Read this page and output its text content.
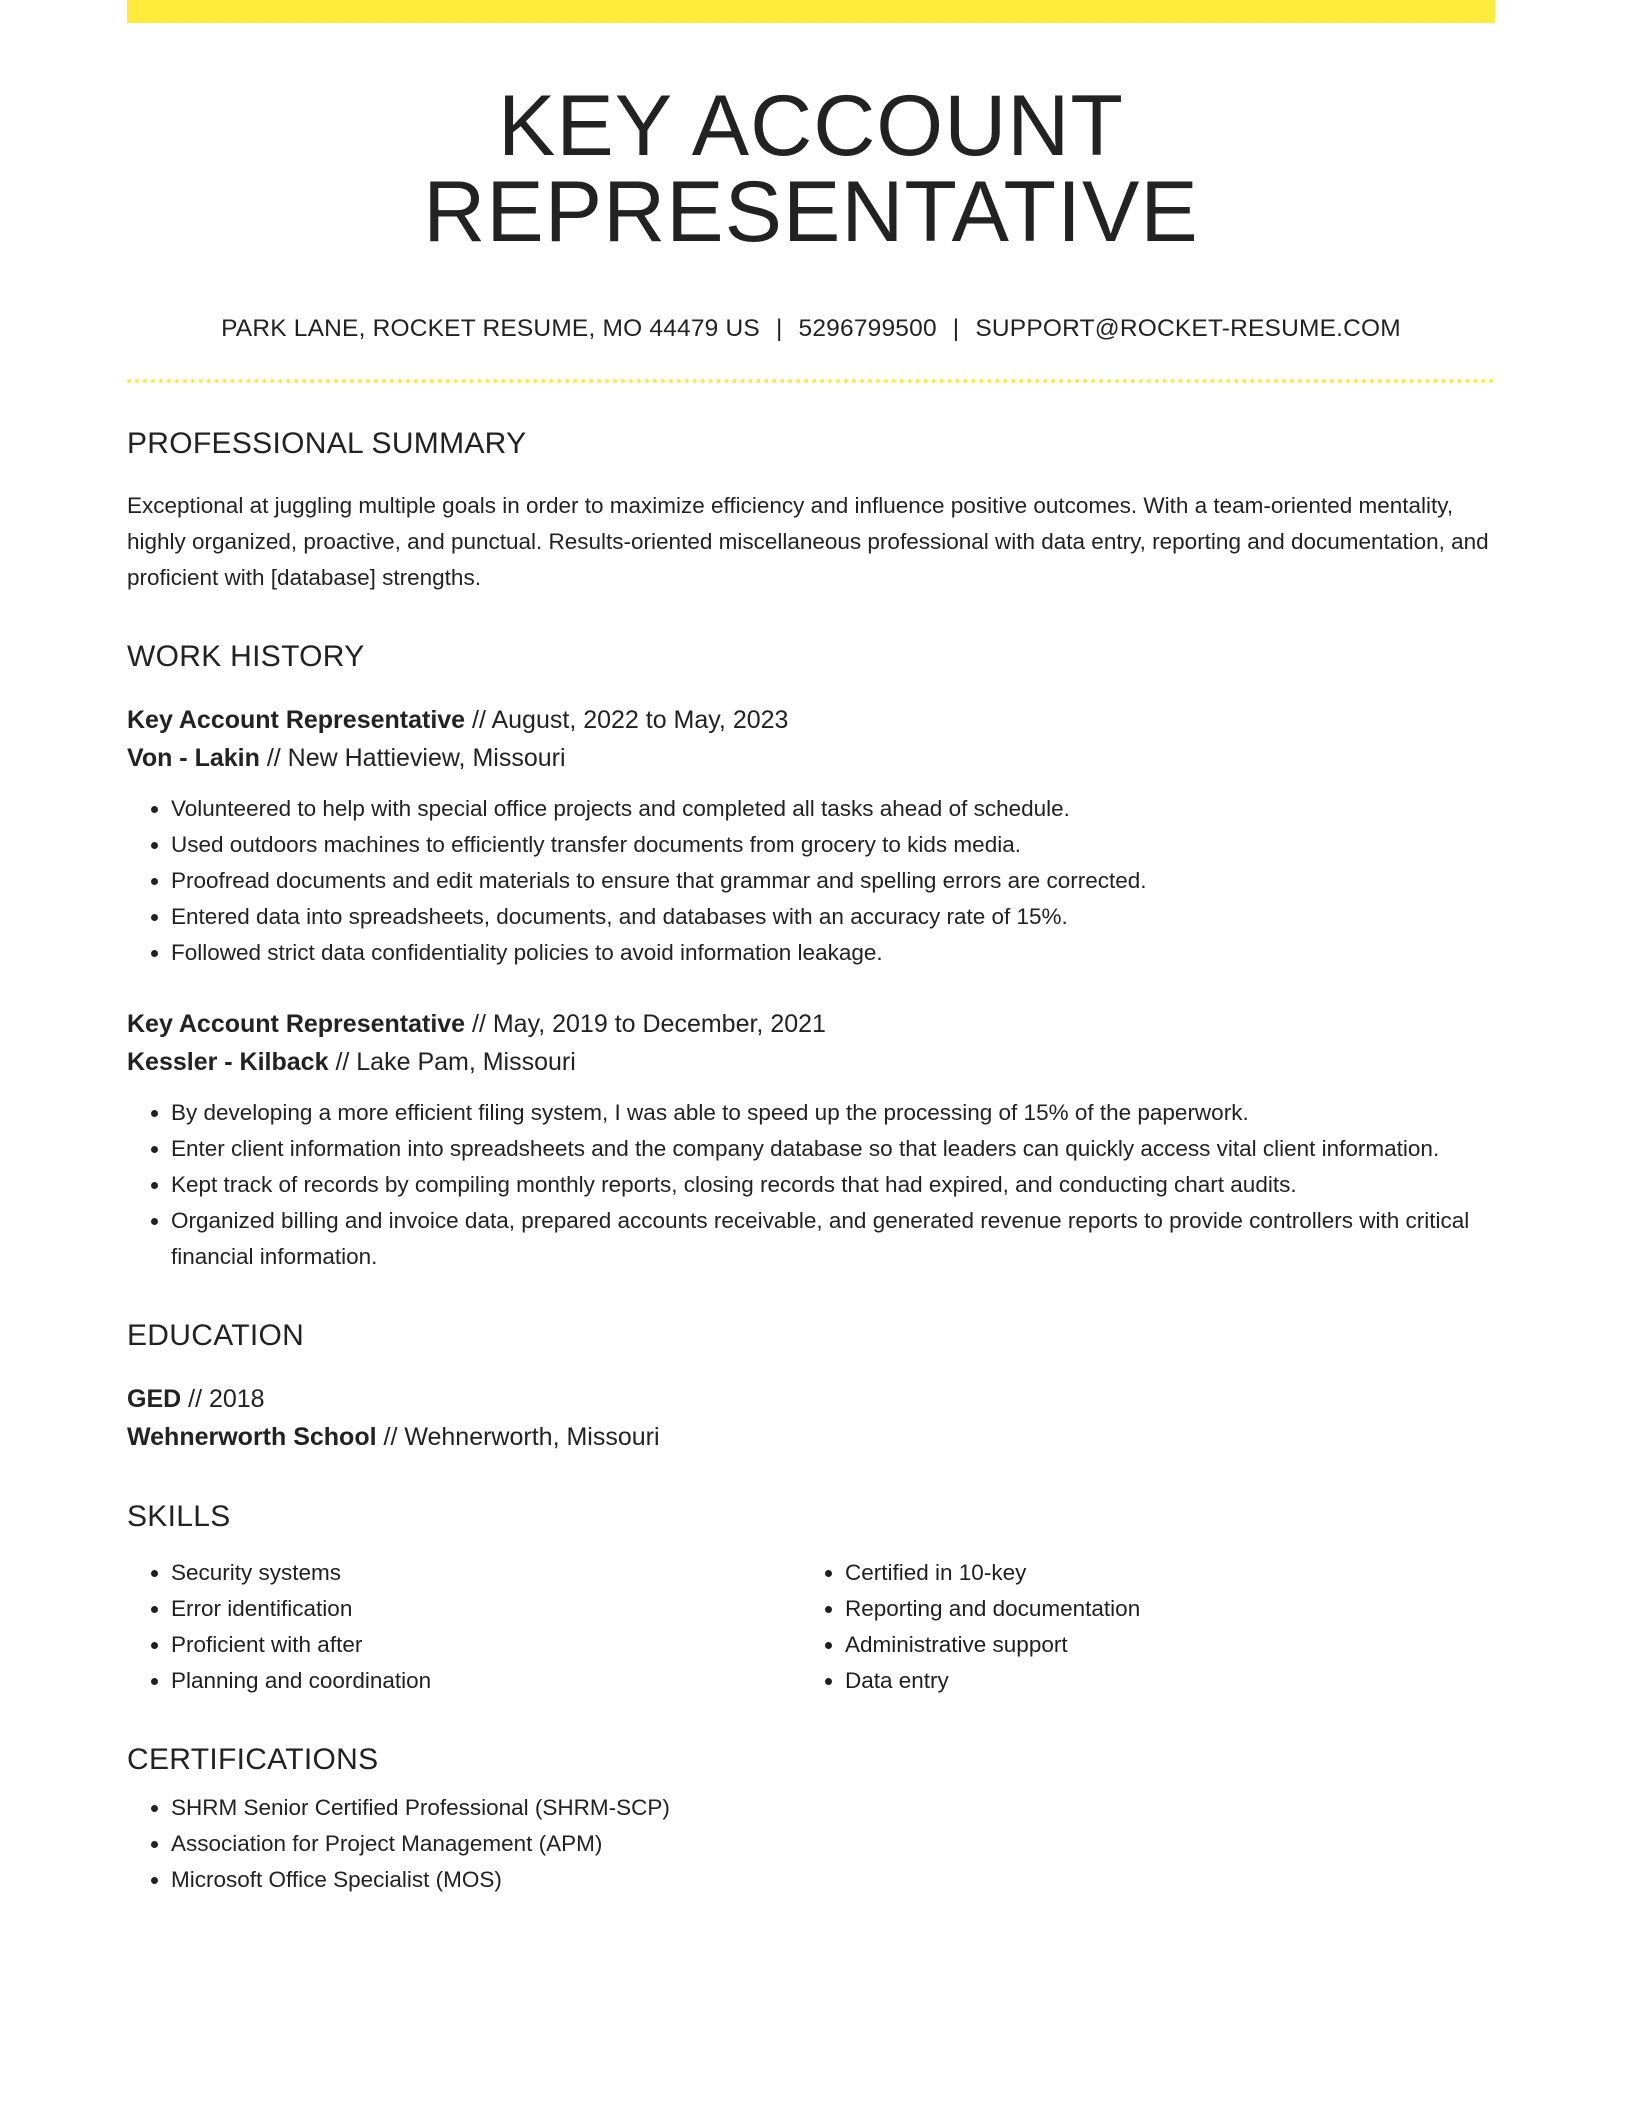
KEY ACCOUNT REPRESENTATIVE
PARK LANE, ROCKET RESUME, MO 44479 US | 5296799500 | SUPPORT@ROCKET-RESUME.COM
PROFESSIONAL SUMMARY
Exceptional at juggling multiple goals in order to maximize efficiency and influence positive outcomes. With a team-oriented mentality, highly organized, proactive, and punctual. Results-oriented miscellaneous professional with data entry, reporting and documentation, and proficient with [database] strengths.
WORK HISTORY
Key Account Representative // August, 2022 to May, 2023
Von - Lakin // New Hattieview, Missouri
• Volunteered to help with special office projects and completed all tasks ahead of schedule.
• Used outdoors machines to efficiently transfer documents from grocery to kids media.
• Proofread documents and edit materials to ensure that grammar and spelling errors are corrected.
• Entered data into spreadsheets, documents, and databases with an accuracy rate of 15%.
• Followed strict data confidentiality policies to avoid information leakage.
Key Account Representative // May, 2019 to December, 2021
Kessler - Kilback // Lake Pam, Missouri
• By developing a more efficient filing system, I was able to speed up the processing of 15% of the paperwork.
• Enter client information into spreadsheets and the company database so that leaders can quickly access vital client information.
• Kept track of records by compiling monthly reports, closing records that had expired, and conducting chart audits.
• Organized billing and invoice data, prepared accounts receivable, and generated revenue reports to provide controllers with critical financial information.
EDUCATION
GED // 2018
Wehnerworth School // Wehnerworth, Missouri
SKILLS
• Security systems
• Error identification
• Proficient with after
• Planning and coordination
• Certified in 10-key
• Reporting and documentation
• Administrative support
• Data entry
CERTIFICATIONS
• SHRM Senior Certified Professional (SHRM-SCP)
• Association for Project Management (APM)
• Microsoft Office Specialist (MOS)
